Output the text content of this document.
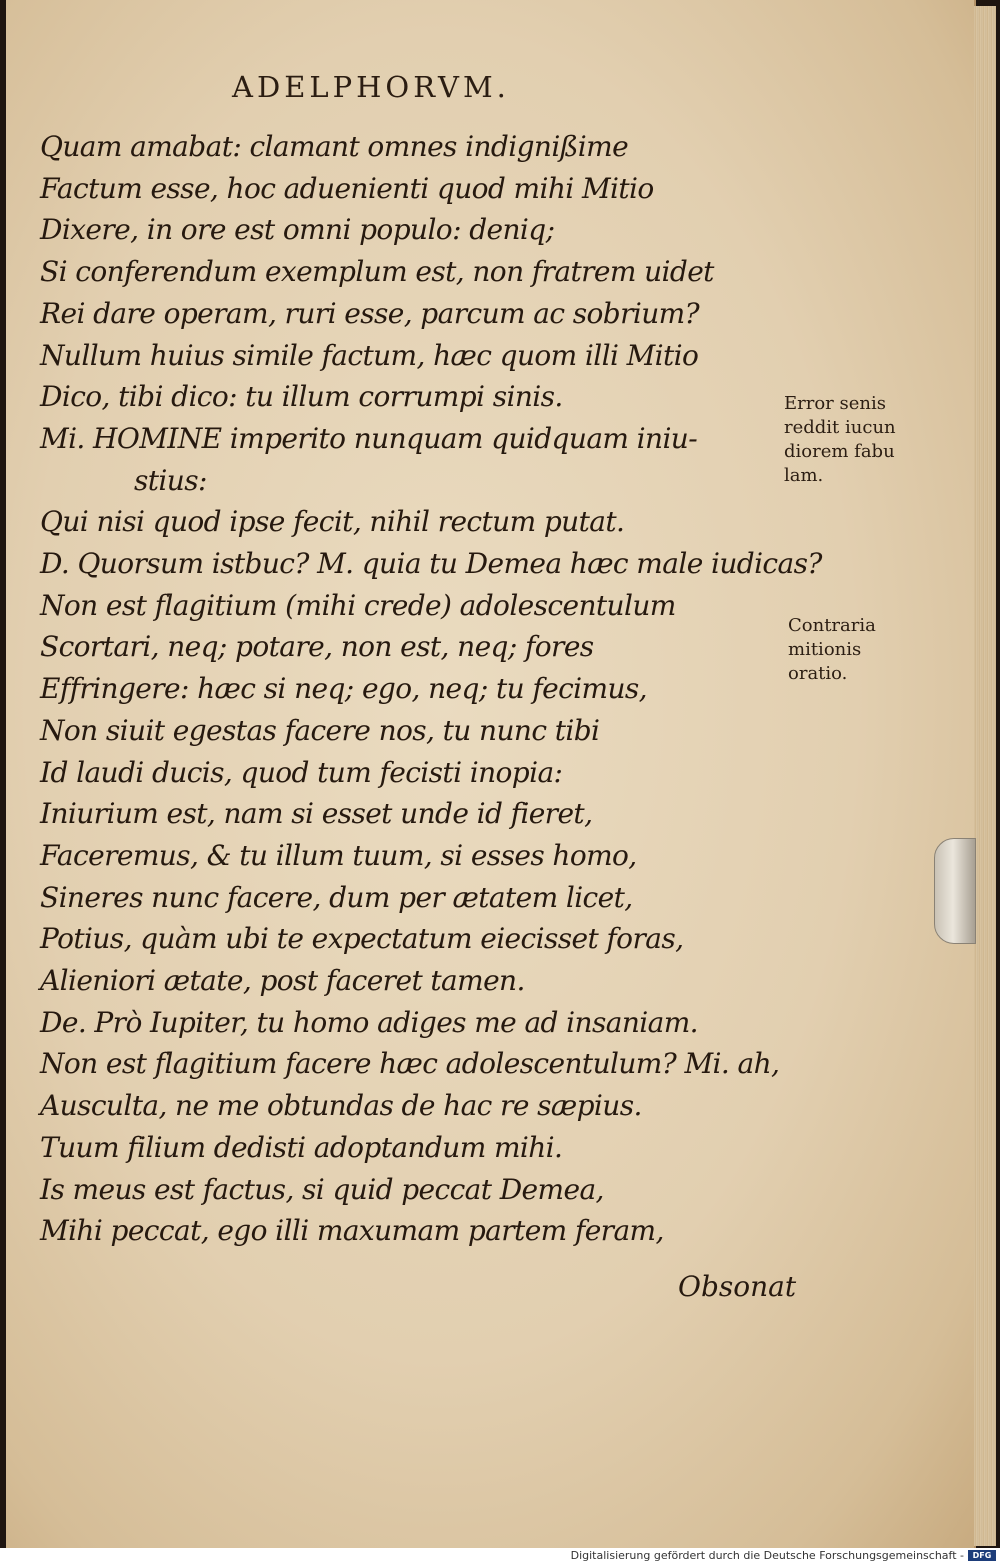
ADELPHORVM.
Quam amabat: clamant omnes indignißime
Factum esse, hoc aduenienti quod mihi Mitio
Dixere, in ore est omni populo: deniq;
Si conferendum exemplum est, non fratrem uidet
Rei dare operam, ruri esse, parcum ac sobrium?
Nullum huius simile factum, hæc quom illi Mitio
Dico, tibi dico: tu illum corrumpi sinis.
Mi. HOMINE imperito nunquam quidquam iniu-
stius:
Qui nisi quod ipse fecit, nihil rectum putat.
D. Quorsum istbuc? M. quia tu Demea hæc male iudicas?
Non est flagitium (mihi crede) adolescentulum
Scortari, neq; potare, non est, neq; fores
Effringere: hæc si neq; ego, neq; tu fecimus,
Non siuit egestas facere nos, tu nunc tibi
Id laudi ducis, quod tum fecisti inopia:
Iniurium est, nam si esset unde id fieret,
Faceremus, & tu illum tuum, si esses homo,
Sineres nunc facere, dum per ætatem licet,
Potius, quàm ubi te expectatum eiecisset foras,
Alieniori ætate, post faceret tamen.
De. Prò Iupiter, tu homo adiges me ad insaniam.
Non est flagitium facere hæc adolescentulum? Mi. ah,
Ausculta, ne me obtundas de hac re sæpius.
Tuum filium dedisti adoptandum mihi.
Is meus est factus, si quid peccat Demea,
Mihi peccat, ego illi maxumam partem feram,
Obsonat
Error senis
reddit iucun
diorem fabu
lam.
Contraria
mitionis
oratio.
Digitalisierung gefördert durch die Deutsche Forschungsgemeinschaft -	DFG
